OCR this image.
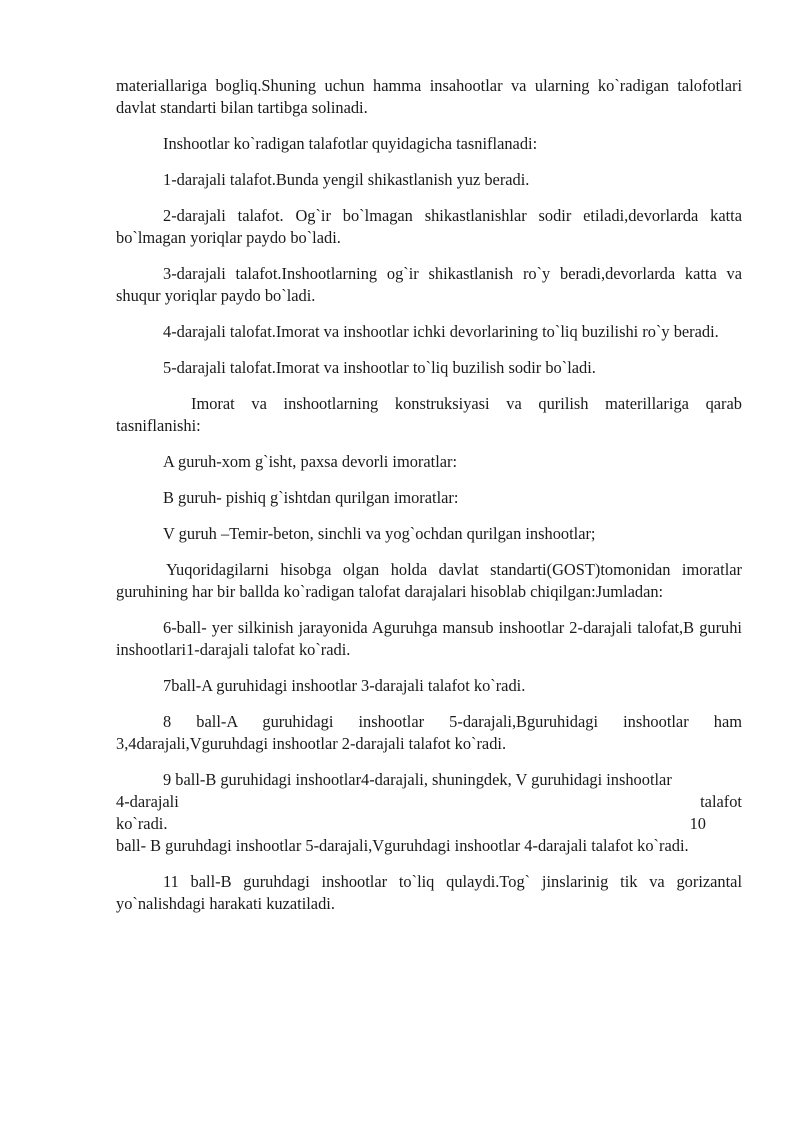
materiallariga bogliq.Shuning uchun hamma insahootlar va ularning ko`radigan talofotlari davlat standarti bilan tartibga solinadi.

Inshootlar ko`radigan talafotlar quyidagicha tasniflanadi:

1-darajali talafot.Bunda yengil shikastlanish yuz beradi.

2-darajali talafot. Og`ir bo`lmagan shikastlanishlar sodir etiladi,devorlarda katta bo`lmagan yoriqlar paydo bo`ladi.

3-darajali talafot.Inshootlarning og`ir shikastlanish ro`y beradi,devorlarda katta va shuqur yoriqlar paydo bo`ladi.

4-darajali talofat.Imorat va inshootlar ichki devorlarining to`liq buzilishi ro`y beradi.

5-darajali talofat.Imorat va inshootlar to`liq buzilish sodir bo`ladi.

Imorat va inshootlarning konstruksiyasi va qurilish materillariga qarab tasniflanishi:

A guruh-xom g`isht, paxsa devorli imoratlar:

B guruh- pishiq g`ishtdan qurilgan imoratlar:

V guruh –Temir-beton, sinchli va yog`ochdan qurilgan inshootlar;

Yuqoridagilarni hisobga olgan holda davlat standarti(GOST)tomonidan imoratlar guruhining har bir ballda ko`radigan talofat darajalari hisoblab chiqilgan:Jumladan:

6-ball- yer silkinish jarayonida Aguruhga mansub inshootlar 2-darajali talofat,B guruhi inshootlari1-darajali talofat ko`radi.

7ball-A guruhidagi inshootlar 3-darajali talafot ko`radi.

8 ball-A guruhidagi inshootlar 5-darajali,Bguruhidagi inshootlar ham 3,4darajali,Vguruhdagi inshootlar 2-darajali talafot ko`radi.

9 ball-B guruhidagi inshootlar4-darajali, shuningdek, V guruhidagi inshootlar
4-darajali	talafot
ko`radi.	10

ball- B guruhdagi inshootlar 5-darajali,Vguruhdagi inshootlar 4-darajali talafot ko`radi.

11 ball-B guruhdagi inshootlar to`liq qulaydi.Tog` jinslarinig tik va gorizantal yo`nalishdagi harakati kuzatiladi.
